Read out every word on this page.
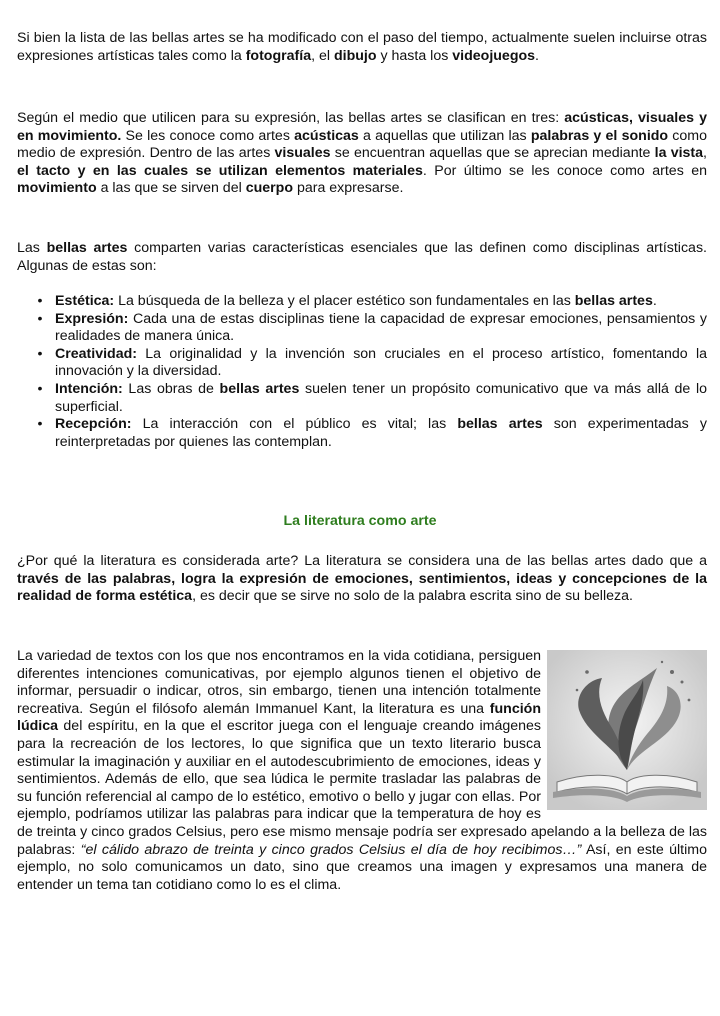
Si bien la lista de las bellas artes se ha modificado con el paso del tiempo, actualmente suelen incluirse otras expresiones artísticas tales como la fotografía, el dibujo y hasta los videojuegos.

Según el medio que utilicen para su expresión, las bellas artes se clasifican en tres: acústicas, visuales y en movimiento. Se les conoce como artes acústicas a aquellas que utilizan las palabras y el sonido como medio de expresión. Dentro de las artes visuales se encuentran aquellas que se aprecian mediante la vista, el tacto y en las cuales se utilizan elementos materiales. Por último se les conoce como artes en movimiento a las que se sirven del cuerpo para expresarse.

Las bellas artes comparten varias características esenciales que las definen como disciplinas artísticas. Algunas de estas son:

• Estética: La búsqueda de la belleza y el placer estético son fundamentales en las bellas artes.
• Expresión: Cada una de estas disciplinas tiene la capacidad de expresar emociones, pensamientos y realidades de manera única.
• Creatividad: La originalidad y la invención son cruciales en el proceso artístico, fomentando la innovación y la diversidad.
• Intención: Las obras de bellas artes suelen tener un propósito comunicativo que va más allá de lo superficial.
• Recepción: La interacción con el público es vital; las bellas artes son experimentadas y reinterpretadas por quienes las contemplan.

La literatura como arte

¿Por qué la literatura es considerada arte? La literatura se considera una de las bellas artes dado que a través de las palabras, logra la expresión de emociones, sentimientos, ideas y concepciones de la realidad de forma estética, es decir que se sirve no solo de la palabra escrita sino de su belleza.

La variedad de textos con los que nos encontramos en la vida cotidiana, persiguen diferentes intenciones comunicativas, por ejemplo algunos tienen el objetivo de informar, persuadir o indicar, otros, sin embargo, tienen una intención totalmente recreativa. Según el filósofo alemán Immanuel Kant, la literatura es una función lúdica del espíritu, en la que el escritor juega con el lenguaje creando imágenes para la recreación de los lectores, lo que significa que un texto literario busca estimular la imaginación y auxiliar en el autodescubrimiento de emociones, ideas y sentimientos. Además de ello, que sea lúdica le permite trasladar las palabras de su función referencial al campo de lo estético, emotivo o bello y jugar con ellas. Por ejemplo, podríamos utilizar las palabras para indicar que la temperatura de hoy es de treinta y cinco grados Celsius, pero ese mismo mensaje podría ser expresado apelando a la belleza de las palabras: “el cálido abrazo de treinta y cinco grados Celsius el día de hoy recibimos…” Así, en este último ejemplo, no solo comunicamos un dato, sino que creamos una imagen y expresamos una manera de entender un tema tan cotidiano como lo es el clima.
